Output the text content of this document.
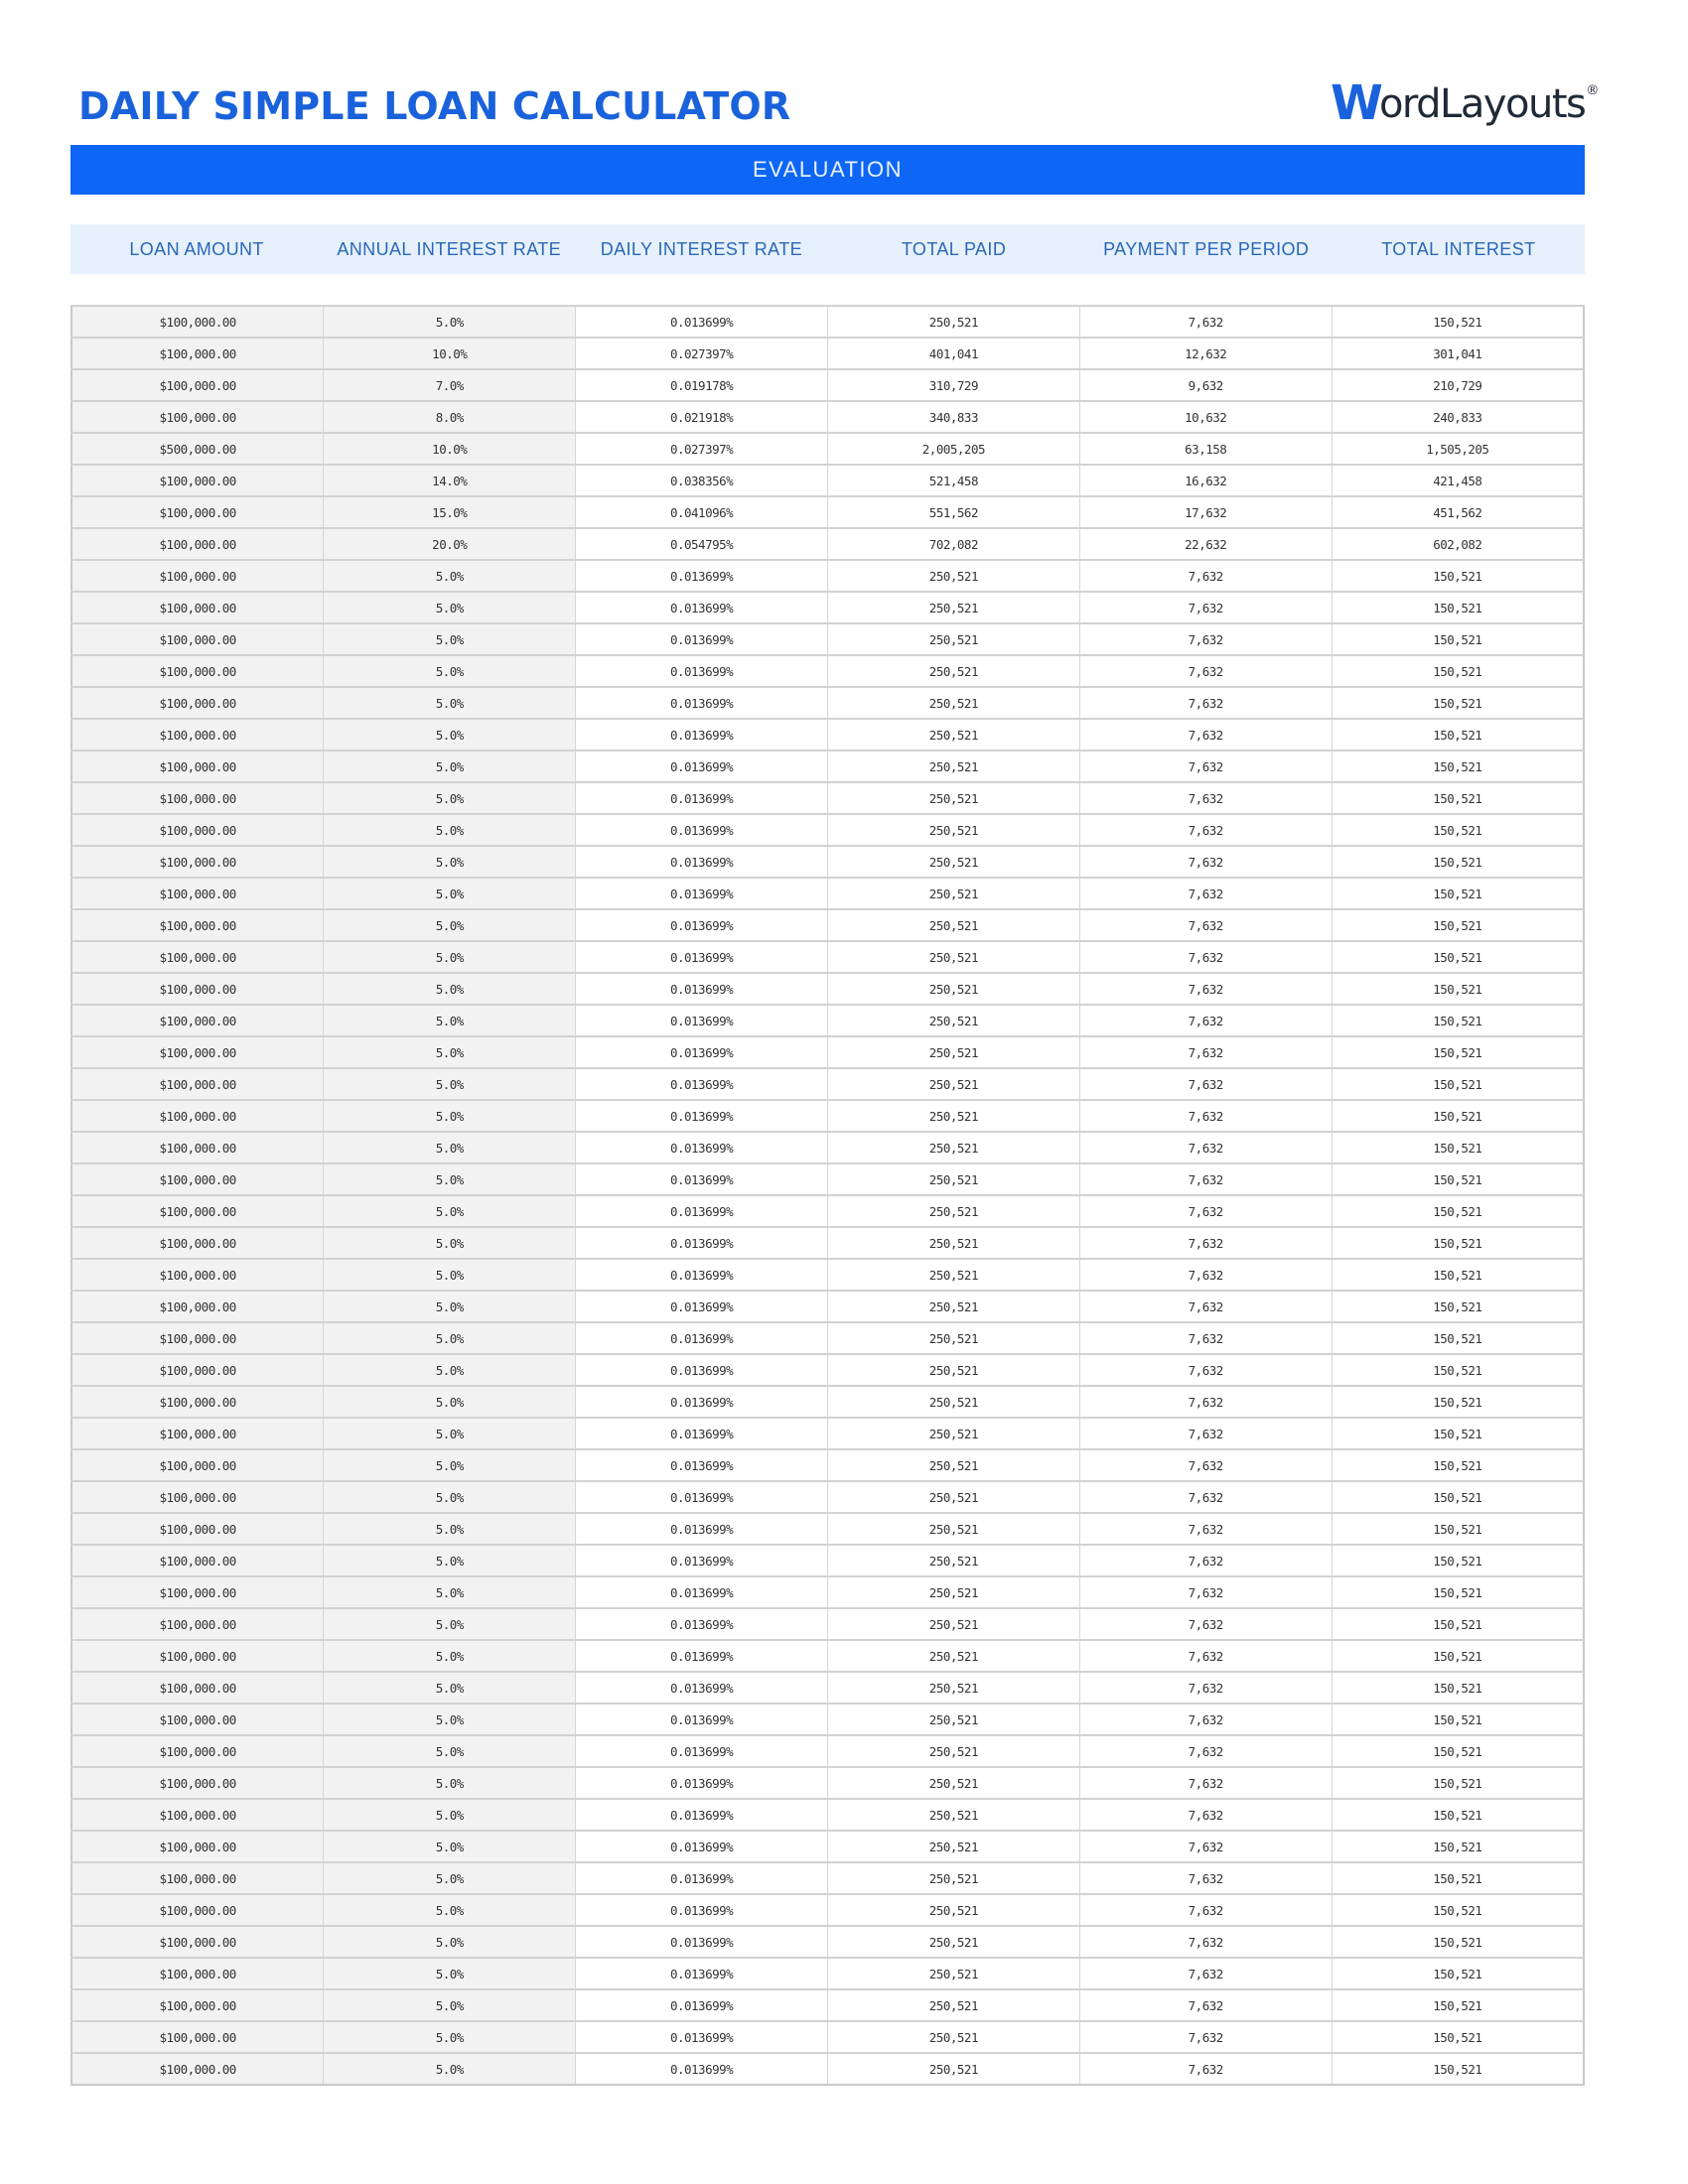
DAILY SIMPLE LOAN CALCULATOR	W ordLayouts ®
EVALUATION
LOAN AMOUNT	ANNUAL INTEREST RATE	DAILY INTEREST RATE	TOTAL PAID	PAYMENT PER PERIOD	TOTAL INTEREST
$100,000.00	5.0%	0.013699%	250,521	7,632	150,521
$100,000.00	10.0%	0.027397%	401,041	12,632	301,041
$100,000.00	7.0%	0.019178%	310,729	9,632	210,729
$100,000.00	8.0%	0.021918%	340,833	10,632	240,833
$500,000.00	10.0%	0.027397%	2,005,205	63,158	1,505,205
$100,000.00	14.0%	0.038356%	521,458	16,632	421,458
$100,000.00	15.0%	0.041096%	551,562	17,632	451,562
$100,000.00	20.0%	0.054795%	702,082	22,632	602,082
$100,000.00	5.0%	0.013699%	250,521	7,632	150,521
$100,000.00	5.0%	0.013699%	250,521	7,632	150,521
$100,000.00	5.0%	0.013699%	250,521	7,632	150,521
$100,000.00	5.0%	0.013699%	250,521	7,632	150,521
$100,000.00	5.0%	0.013699%	250,521	7,632	150,521
$100,000.00	5.0%	0.013699%	250,521	7,632	150,521
$100,000.00	5.0%	0.013699%	250,521	7,632	150,521
$100,000.00	5.0%	0.013699%	250,521	7,632	150,521
$100,000.00	5.0%	0.013699%	250,521	7,632	150,521
$100,000.00	5.0%	0.013699%	250,521	7,632	150,521
$100,000.00	5.0%	0.013699%	250,521	7,632	150,521
$100,000.00	5.0%	0.013699%	250,521	7,632	150,521
$100,000.00	5.0%	0.013699%	250,521	7,632	150,521
$100,000.00	5.0%	0.013699%	250,521	7,632	150,521
$100,000.00	5.0%	0.013699%	250,521	7,632	150,521
$100,000.00	5.0%	0.013699%	250,521	7,632	150,521
$100,000.00	5.0%	0.013699%	250,521	7,632	150,521
$100,000.00	5.0%	0.013699%	250,521	7,632	150,521
$100,000.00	5.0%	0.013699%	250,521	7,632	150,521
$100,000.00	5.0%	0.013699%	250,521	7,632	150,521
$100,000.00	5.0%	0.013699%	250,521	7,632	150,521
$100,000.00	5.0%	0.013699%	250,521	7,632	150,521
$100,000.00	5.0%	0.013699%	250,521	7,632	150,521
$100,000.00	5.0%	0.013699%	250,521	7,632	150,521
$100,000.00	5.0%	0.013699%	250,521	7,632	150,521
$100,000.00	5.0%	0.013699%	250,521	7,632	150,521
$100,000.00	5.0%	0.013699%	250,521	7,632	150,521
$100,000.00	5.0%	0.013699%	250,521	7,632	150,521
$100,000.00	5.0%	0.013699%	250,521	7,632	150,521
$100,000.00	5.0%	0.013699%	250,521	7,632	150,521
$100,000.00	5.0%	0.013699%	250,521	7,632	150,521
$100,000.00	5.0%	0.013699%	250,521	7,632	150,521
$100,000.00	5.0%	0.013699%	250,521	7,632	150,521
$100,000.00	5.0%	0.013699%	250,521	7,632	150,521
$100,000.00	5.0%	0.013699%	250,521	7,632	150,521
$100,000.00	5.0%	0.013699%	250,521	7,632	150,521
$100,000.00	5.0%	0.013699%	250,521	7,632	150,521
$100,000.00	5.0%	0.013699%	250,521	7,632	150,521
$100,000.00	5.0%	0.013699%	250,521	7,632	150,521
$100,000.00	5.0%	0.013699%	250,521	7,632	150,521
$100,000.00	5.0%	0.013699%	250,521	7,632	150,521
$100,000.00	5.0%	0.013699%	250,521	7,632	150,521
$100,000.00	5.0%	0.013699%	250,521	7,632	150,521
$100,000.00	5.0%	0.013699%	250,521	7,632	150,521
$100,000.00	5.0%	0.013699%	250,521	7,632	150,521
$100,000.00	5.0%	0.013699%	250,521	7,632	150,521
$100,000.00	5.0%	0.013699%	250,521	7,632	150,521
$100,000.00	5.0%	0.013699%	250,521	7,632	150,521
